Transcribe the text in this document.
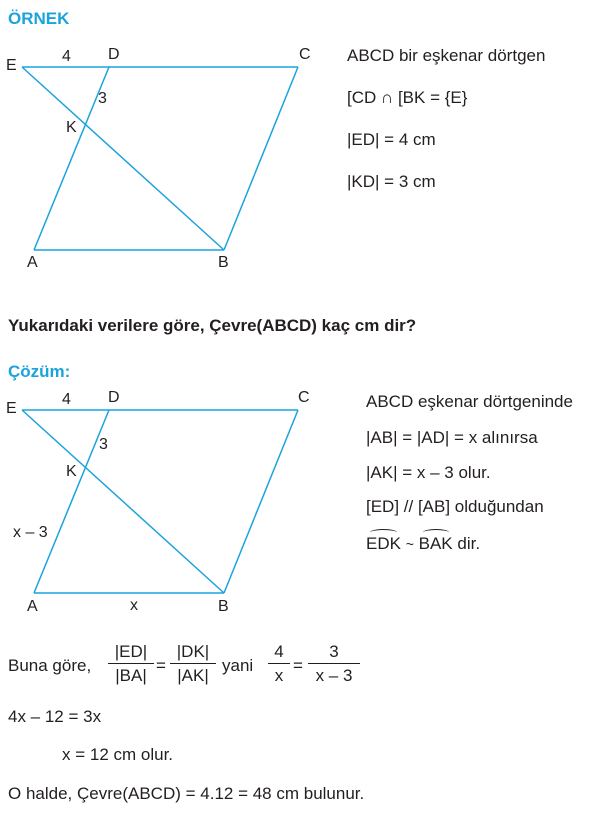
ÖRNEK
E
4 D	C
3
K
A	B
ABCD bir eşkenar dörtgen
[CD ∩ [BK = {E}
|ED| = 4 cm
|KD| = 3 cm
Yukarıdaki verilere göre, Çevre(ABCD) kaç cm dir?
Çözüm:
E
4 D	C
3
K
x – 3
A	x	B
ABCD eşkenar dörtgeninde
|AB| = |AD| = x alınırsa
|AK| = x – 3 olur.
[ED] // [AB] olduğundan
EDK ~ BAK dir.
Buna göre, $\frac{|ED|}{|BA|} = \frac{|DK|}{|AK|}$ yani $\frac{4}{x} = \frac{3}{x - 3}$
4x – 12 = 3x
x = 12 cm olur.
O halde, Çevre(ABCD) = 4.12 = 48 cm bulunur.
